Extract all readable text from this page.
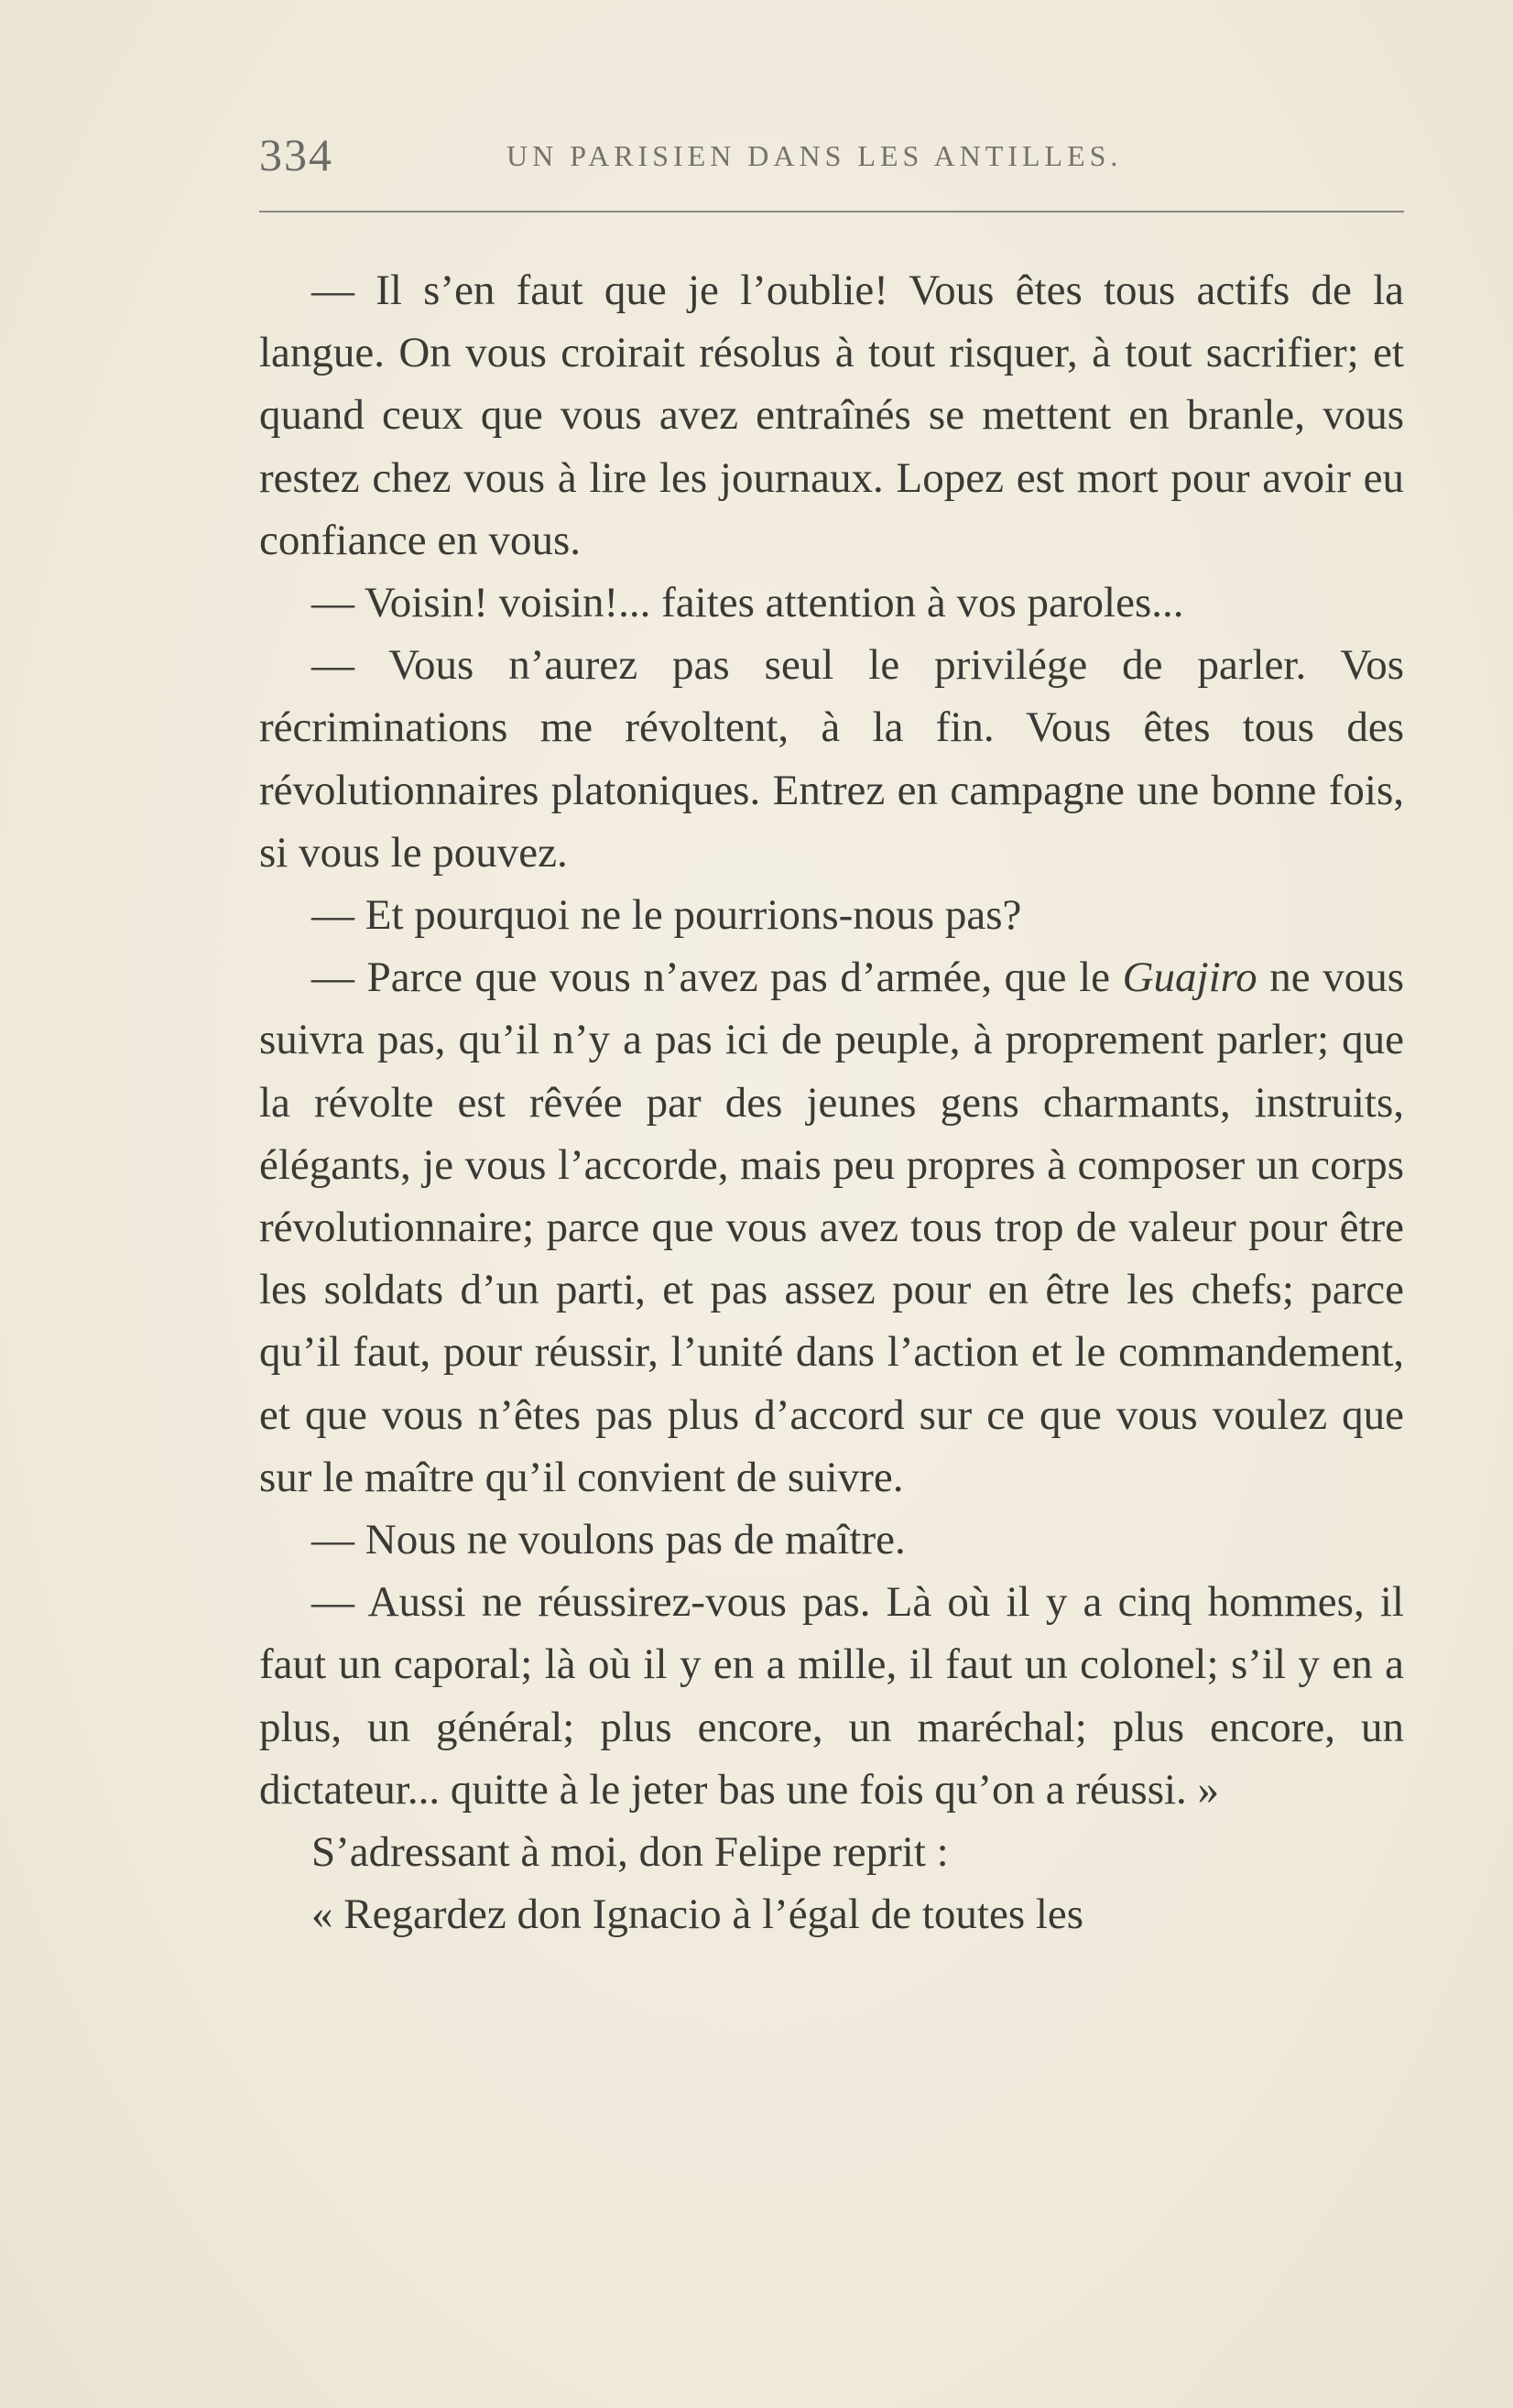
334	UN PARISIEN DANS LES ANTILLES.

— Il s’en faut que je l’oublie! Vous êtes tous actifs de la langue. On vous croirait résolus à tout risquer, à tout sacrifier; et quand ceux que vous avez entraînés se mettent en branle, vous restez chez vous à lire les journaux. Lopez est mort pour avoir eu confiance en vous.

— Voisin! voisin!... faites attention à vos paroles...

— Vous n’aurez pas seul le privilége de parler. Vos récriminations me révoltent, à la fin. Vous êtes tous des révolutionnaires platoniques. Entrez en campagne une bonne fois, si vous le pouvez.

— Et pourquoi ne le pourrions-nous pas?

— Parce que vous n’avez pas d’armée, que le Guajiro ne vous suivra pas, qu’il n’y a pas ici de peuple, à proprement parler; que la révolte est rêvée par des jeunes gens charmants, instruits, élégants, je vous l’accorde, mais peu propres à composer un corps révolutionnaire; parce que vous avez tous trop de valeur pour être les soldats d’un parti, et pas assez pour en être les chefs; parce qu’il faut, pour réussir, l’unité dans l’action et le commandement, et que vous n’êtes pas plus d’accord sur ce que vous voulez que sur le maître qu’il convient de suivre.

— Nous ne voulons pas de maître.

— Aussi ne réussirez-vous pas. Là où il y a cinq hommes, il faut un caporal; là où il y en a mille, il faut un colonel; s’il y en a plus, un général; plus encore, un maréchal; plus encore, un dictateur... quitte à le jeter bas une fois qu’on a réussi. »

S’adressant à moi, don Felipe reprit :

« Regardez don Ignacio à l’égal de toutes les
